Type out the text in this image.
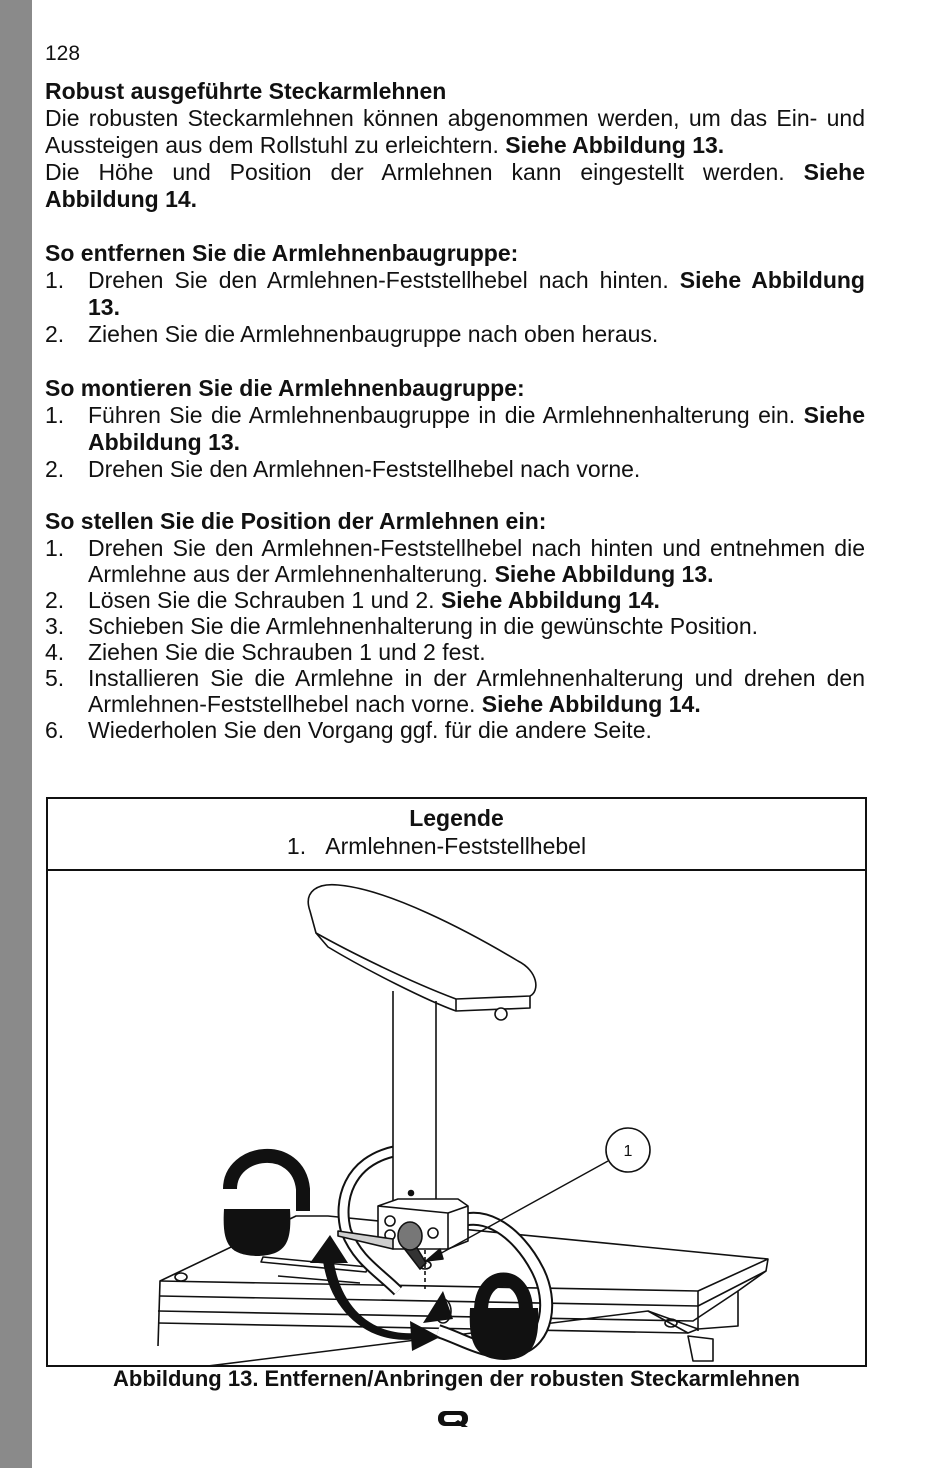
128
Robust ausgeführte Steckarmlehnen

Die robusten Steckarmlehnen können abgenommen werden, um das Ein- und Aussteigen aus dem Rollstuhl zu erleichtern. Siehe Abbildung 13.

Die Höhe und Position der Armlehnen kann eingestellt werden. Siehe Abbildung 14.

So entfernen Sie die Armlehnenbaugruppe:
1. Drehen Sie den Armlehnen-Feststellhebel nach hinten. Siehe Abbildung 13.
2. Ziehen Sie die Armlehnenbaugruppe nach oben heraus.
So montieren Sie die Armlehnenbaugruppe:
1. Führen Sie die Armlehnenbaugruppe in die Armlehnenhalterung ein. Siehe Abbildung 13.
2. Drehen Sie den Armlehnen-Feststellhebel nach vorne.
So stellen Sie die Position der Armlehnen ein:
1. Drehen Sie den Armlehnen-Feststellhebel nach hinten und entnehmen die Armlehne aus der Armlehnenhalterung. Siehe Abbildung 13.
2. Lösen Sie die Schrauben 1 und 2. Siehe Abbildung 14.
3. Schieben Sie die Armlehnenhalterung in die gewünschte Position.
4. Ziehen Sie die Schrauben 1 und 2 fest.
5. Installieren Sie die Armlehne in der Armlehnenhalterung und drehen den Armlehnen-Feststellhebel nach vorne. Siehe Abbildung 14.
6. Wiederholen Sie den Vorgang ggf. für die andere Seite.
Legende
1. Armlehnen-Feststellhebel
1
Abbildung 13. Entfernen/Anbringen der robusten Steckarmlehnen
